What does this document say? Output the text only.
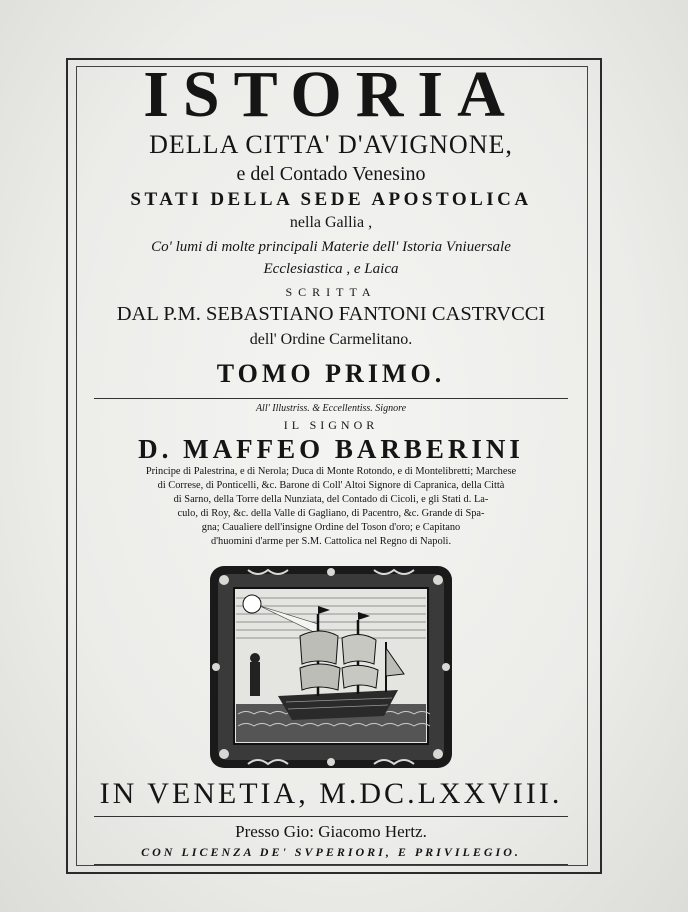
ISTORIA
DELLA CITTA' D'AVIGNONE,
e del Contado Venesino
STATI DELLA SEDE APOSTOLICA
nella Gallia ,
Co' lumi di molte principali Materie dell' Istoria Vniuersale
Ecclesiastica , e Laica
SCRITTA
DAL P.M. SEBASTIANO FANTONI CASTRVCCI
dell' Ordine Carmelitano.
TOMO PRIMO.
All' Illustriss. & Eccellentiss. Signore
IL SIGNOR
D. MAFFEO BARBERINI
Principe di Palestrina, e di Nerola; Duca di Monte Rotondo, e di Montelibretti; Marchese
di Correse, di Ponticelli, &c. Barone di Coll' Altoi Signore di Capranica, della Città
di Sarno, della Torre della Nunziata, del Contado di Cicoli, e gli Stati d. La-
culo, di Roy, &c. della Valle di Gagliano, di Pacentro, &c. Grande di Spa-
gna; Caualiere dell'insigne Ordine del Toson d'oro; e Capitano
d'huomini d'arme per S.M. Cattolica nel Regno di Napoli.
IN VENETIA, M.DC.LXXVIII.
Presso Gio: Giacomo Hertz.
CON LICENZA DE' SVPERIORI, E PRIVILEGIO.
